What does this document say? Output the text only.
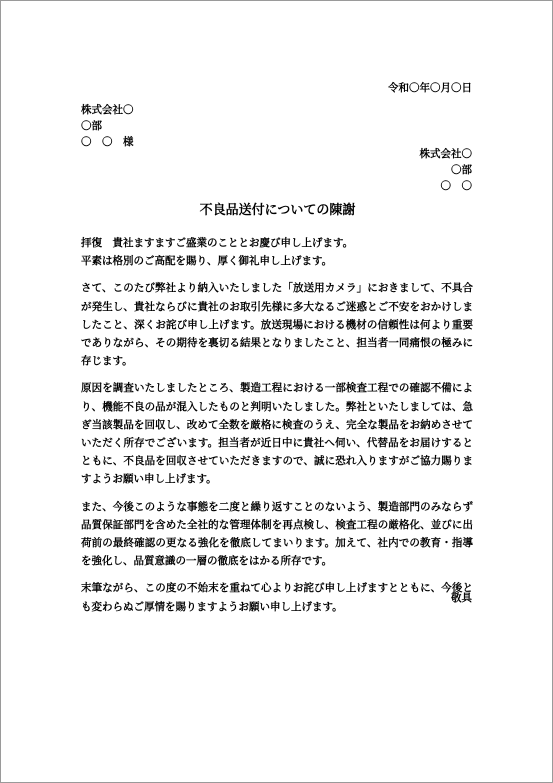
令和〇年〇月〇日
株式会社〇
〇部
〇　〇　様
株式会社〇
〇部
〇　〇
不良品送付についての陳謝

拝復　貴社ますますご盛業のこととお慶び申し上げます。
平素は格別のご高配を賜り、厚く御礼申し上げます。

さて、このたび弊社より納入いたしました「放送用カメラ」におきまして、不具合が発生し、貴社ならびに貴社のお取引先様に多大なるご迷惑とご不安をおかけしましたこと、深くお詫び申し上げます。放送現場における機材の信頼性は何より重要でありながら、その期待を裏切る結果となりましたこと、担当者一同痛恨の極みに存じます。

原因を調査いたしましたところ、製造工程における一部検査工程での確認不備により、機能不良の品が混入したものと判明いたしました。弊社といたしましては、急ぎ当該製品を回収し、改めて全数を厳格に検査のうえ、完全な製品をお納めさせていただく所存でございます。担当者が近日中に貴社へ伺い、代替品をお届けするとともに、不良品を回収させていただきますので、誠に恐れ入りますがご協力賜りますようお願い申し上げます。

また、今後このような事態を二度と繰り返すことのないよう、製造部門のみならず品質保証部門を含めた全社的な管理体制を再点検し、検査工程の厳格化、並びに出荷前の最終確認の更なる強化を徹底してまいります。加えて、社内での教育・指導を強化し、品質意識の一層の徹底をはかる所存です。

末筆ながら、この度の不始末を重ねて心よりお詫び申し上げますとともに、今後とも変わらぬご厚情を賜りますようお願い申し上げます。

敬具
